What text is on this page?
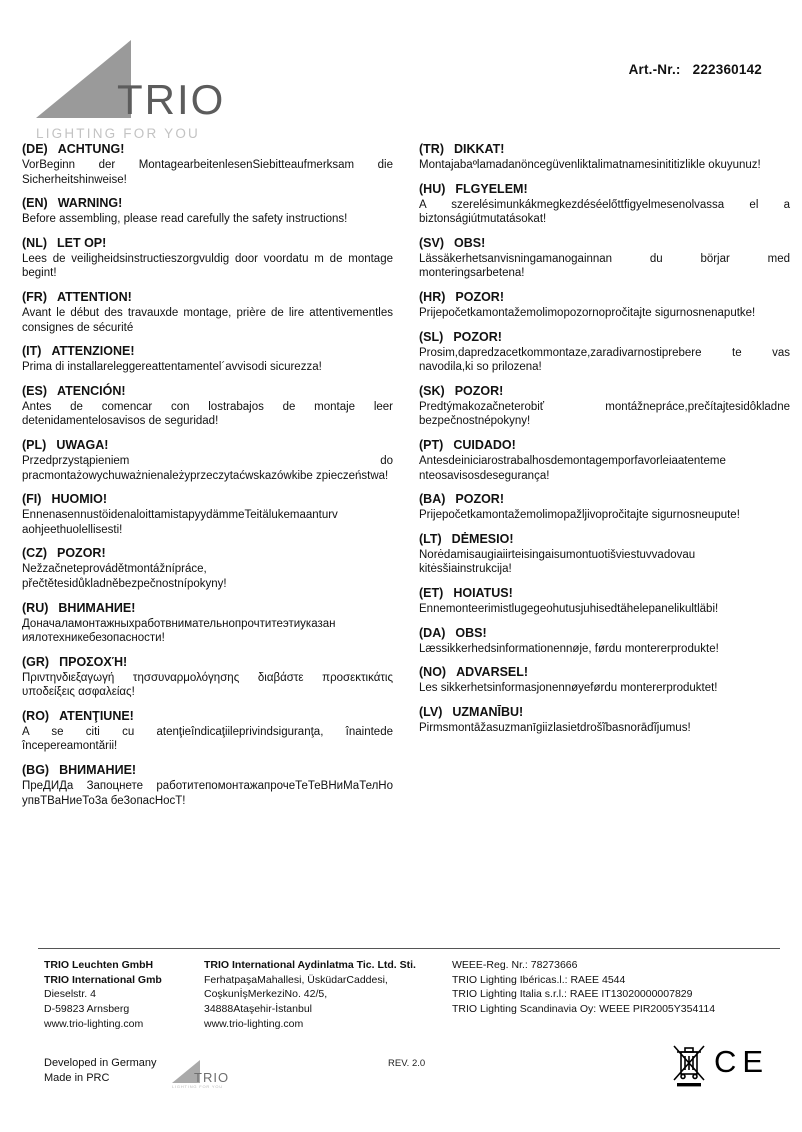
TRIO
LIGHTING FOR YOU
Art.-Nr.: 222360142
(DE) ACHTUNG!
VorBeginn der MontagearbeitenlesenSiebitteaufmerksam die Sicherheitshinweise!
(EN) WARNING!
Before assembling, please read carefully the safety instructions!
(NL) LET OP!
Lees de veiligheidsinstructieszorgvuldig door voordatu m de montage begint!
(FR) ATTENTION!
Avant le début des travauxde montage, prière de lire attentivementles consignes de sécurité
(IT) ATTENZIONE!
Prima di installareleggereattentamentel´avvisodi sicurezza!
(ES) ATENCIÓN!
Antes de comencar con lostrabajos de montaje leer detenidamentelosavisos de seguridad!
(PL) UWAGA!
Przedprzystąpieniem do pracmontażowychuważnienależyprzeczytaćwskazówkibe zpieczeństwa!
(FI) HUOMIO!
EnnenasennustöidenaloittamistapyydämmeTeitälukemaanturv aohjeethuolellisesti!
(CZ) POZOR!
Nežzačneteprovádětmontážnípráce, přečtětesidůkladněbezpečnostnípokyny!
(RU) ВНИМАНИЕ!
Доначаламонтажныхработвнимательнопрочтитеэтиуказан иялотехникебезопасности!
(GR) ΠΡΟΣΟΧΉ!
Πριντηνδιεξαγωγή τησσυναρμολόγησης διαβάστε προσεκτικάτις υποδείξεις ασφαλείας!
(RO) ATENŢIUNE!
A se citi cu atenţieîndicaţiileprivindsiguranţa, înaintede începereamontării!
(BG) ВНИМАНИЕ!
ПреДИДа Запоцнете работитепомонтажапрочеТеТеВНиМаТелНо упвТВаНиеТо3а бе3опасНосТ!
(TR) DIKKAT!
Montajabaºlamadanöncegüvenliktalimatnamesinititizlikle okuyunuz!
(HU) FLGYELEM!
A szerelésimunkákmegkezdéséelőttfigyelmesenolvassa el a biztonságiútmutatásokat!
(SV) OBS!
Lässäkerhetsanvisningamanogainnan du börjar med monteringsarbetena!
(HR) POZOR!
Prijepočetkamontažemolimopozornopročitajte sigurnosnenaputke!
(SL) POZOR!
Prosim,dapredzacetkommontaze,zaradivarnostiprebere te vas navodila,ki so prilozena!
(SK) POZOR!
Predtýmakozačneterobiť montážnepráce,prečítajtesidôkladne bezpečnostnépokyny!
(PT) CUIDADO!
Antesdeiniciarostrabalhosdemontagemporfavorleiaatenteme nteosavisosdesegurança!
(BA) POZOR!
Prijepočetkamontažemolimopažljivopročitajte sigurnosneupute!
(LT) DĖMESIO!
Norėdamisaugiaiirteisingaisumontuotišviestuvvadovau kitėsšiainstrukcija!
(ET) HOIATUS!
Ennemonteerimistlugegeohutusjuhisedtähelepanelikultläbi!
(DA) OBS!
Læssikkerhedsinformationennøje, førdu montererprodukte!
(NO) ADVARSEL!
Les sikkerhetsinformasjonennøyeførdu montererproduktet!
(LV) UZMANĪBU!
Pirmsmontāžasuzmanīgiizlasietdrošĩbasnorādĩjumus!
TRIO Leuchten GmbH
TRIO International Gmb
Dieselstr. 4
D-59823 Arnsberg
www.trio-lighting.com
TRIO International Aydinlatma Tic. Ltd. Sti.
FerhatpaşaMahallesi, ÜsküdarCaddesi,
CoşkunİşMerkeziNo. 42/5,
34888Ataşehir-İstanbul
www.trio-lighting.com
WEEE-Reg. Nr.: 78273666
TRIO Lighting Ibéricas.l.: RAEE 4544
TRIO Lighting Italia s.r.l.: RAEE IT13020000007829
TRIO Lighting Scandinavia Oy: WEEE PIR2005Y354114
Developed in Germany
Made in PRC	TRIO
LIGHTING FOR YOU
REV. 2.0	CE
